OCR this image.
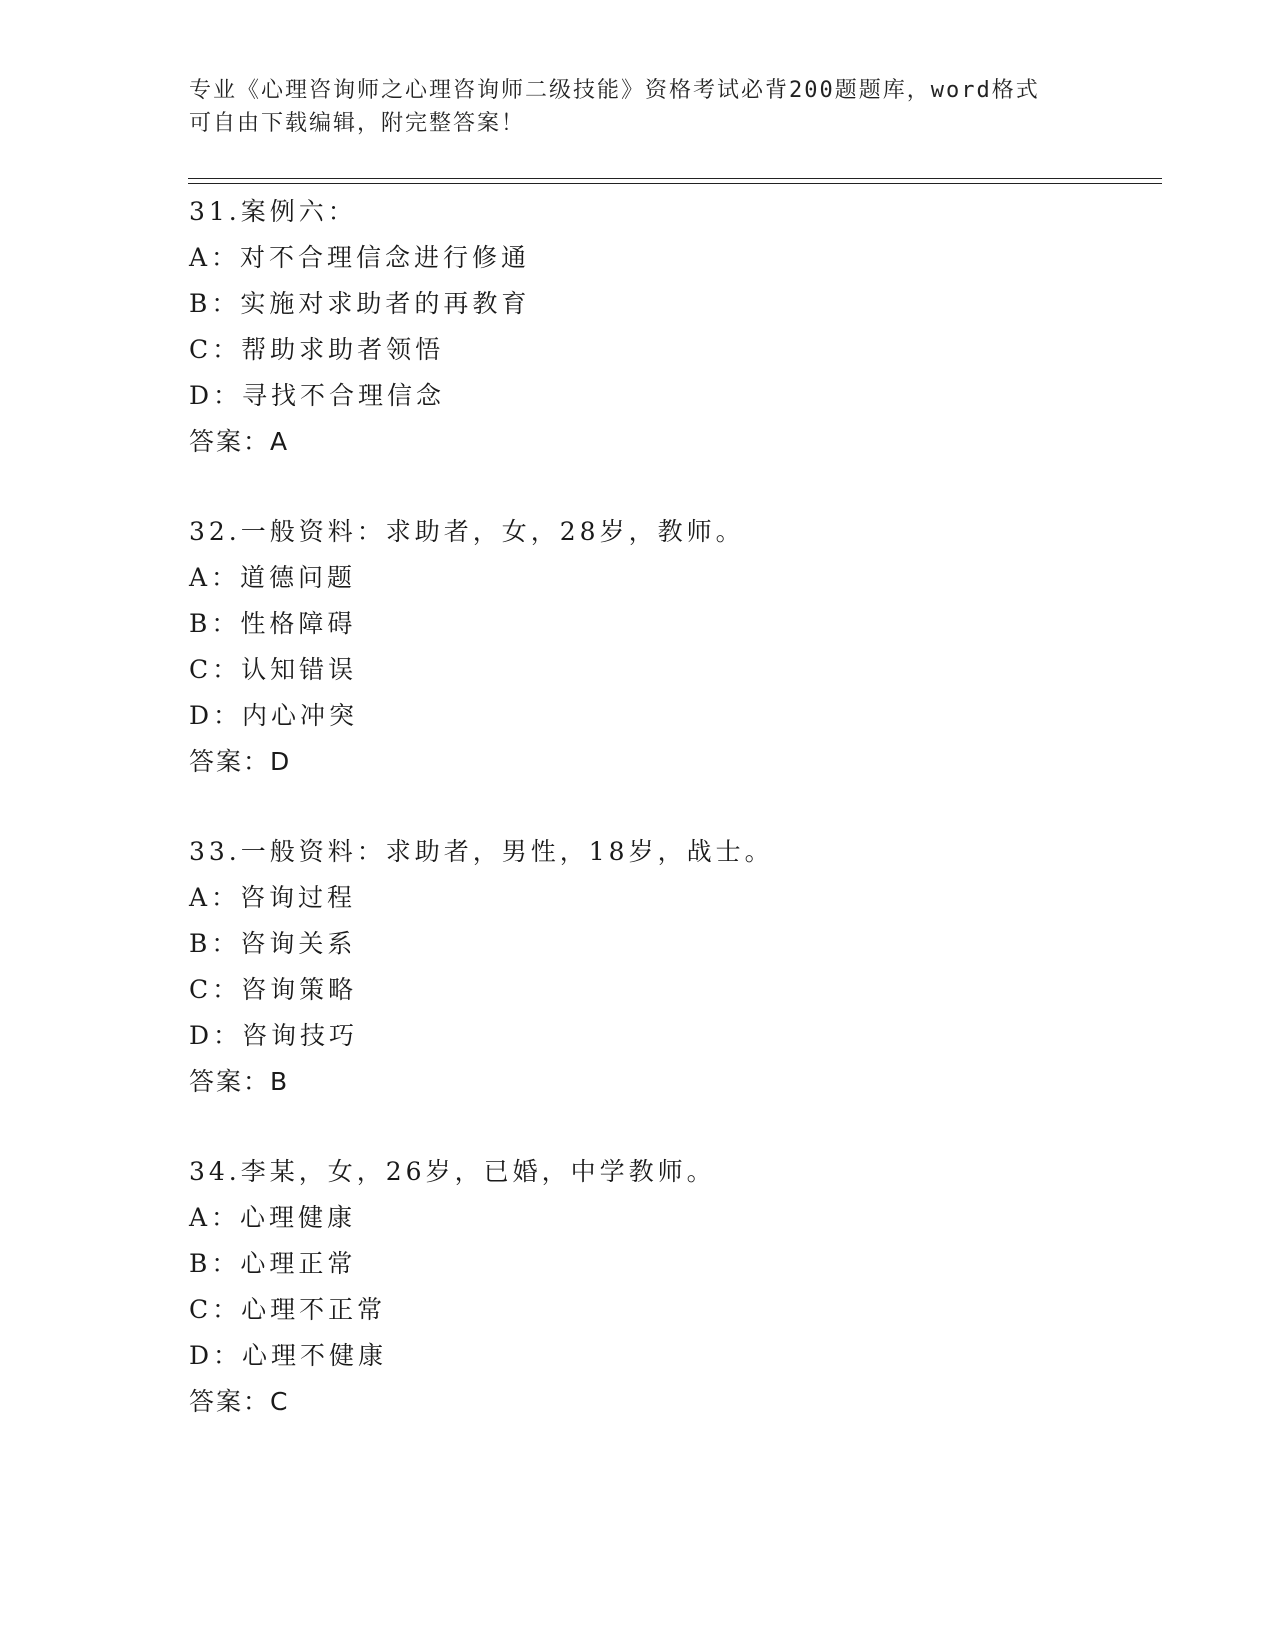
专业《心理咨询师之心理咨询师二级技能》资格考试必背200题题库，word格式
可自由下载编辑，附完整答案！
31.案例六：
A：对不合理信念进行修通
B：实施对求助者的再教育
C：帮助求助者领悟
D：寻找不合理信念
答案：A
32.一般资料：求助者，女，28岁，教师。
A：道德问题
B：性格障碍
C：认知错误
D：内心冲突
答案：D
33.一般资料：求助者，男性，18岁，战士。
A：咨询过程
B：咨询关系
C：咨询策略
D：咨询技巧
答案：B
34.李某，女，26岁，已婚，中学教师。
A：心理健康
B：心理正常
C：心理不正常
D：心理不健康
答案：C
